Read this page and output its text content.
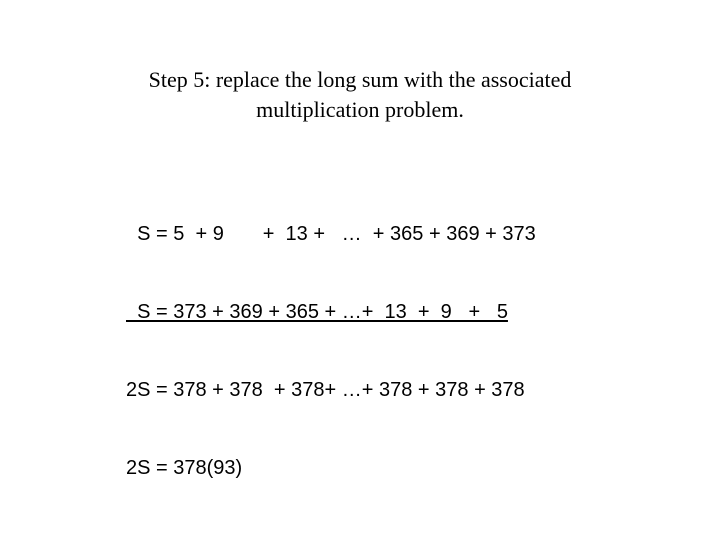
Step 5: replace the long sum with the associated
multiplication problem.

S = 5  + 9       +  13 +   …  + 365 + 369 + 373

S = 373 + 369 + 365 + …+  13  +  9   +   5

2S = 378 + 378  + 378+ …+ 378 + 378 + 378

2S = 378(93)
